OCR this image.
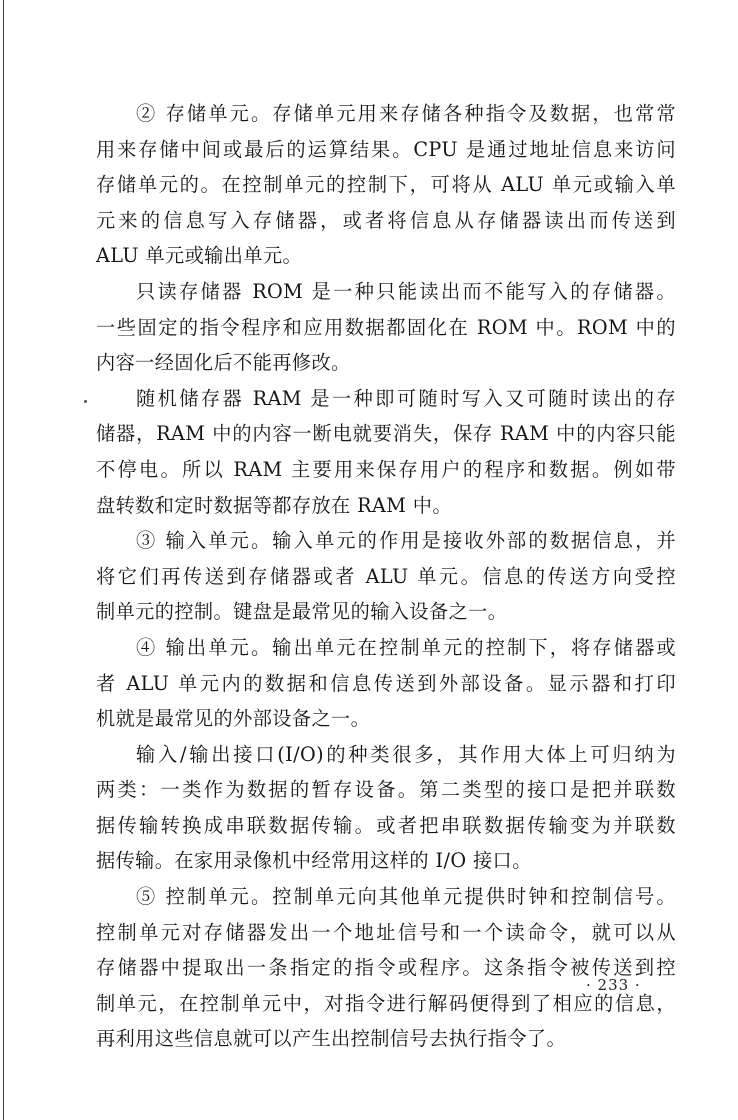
② 存储单元。存储单元用来存储各种指令及数据，也常常
用来存储中间或最后的运算结果。CPU 是通过地址信息来访问
存储单元的。在控制单元的控制下，可将从 ALU 单元或输入单
元来的信息写入存储器，或者将信息从存储器读出而传送到
ALU 单元或输出单元。
只读存储器 ROM 是一种只能读出而不能写入的存储器。
一些固定的指令程序和应用数据都固化在 ROM 中。ROM 中的
内容一经固化后不能再修改。
随机储存器 RAM 是一种即可随时写入又可随时读出的存
储器，RAM 中的内容一断电就要消失，保存 RAM 中的内容只能
不停电。所以 RAM 主要用来保存用户的程序和数据。例如带
盘转数和定时数据等都存放在 RAM 中。
③ 输入单元。输入单元的作用是接收外部的数据信息，并
将它们再传送到存储器或者 ALU 单元。信息的传送方向受控
制单元的控制。键盘是最常见的输入设备之一。
④ 输出单元。输出单元在控制单元的控制下，将存储器或
者 ALU 单元内的数据和信息传送到外部设备。显示器和打印
机就是最常见的外部设备之一。
输入/输出接口(I/O)的种类很多，其作用大体上可归纳为
两类：一类作为数据的暂存设备。第二类型的接口是把并联数
据传输转换成串联数据传输。或者把串联数据传输变为并联数
据传输。在家用录像机中经常用这样的 I/O 接口。
⑤ 控制单元。控制单元向其他单元提供时钟和控制信号。
控制单元对存储器发出一个地址信号和一个读命令，就可以从
存储器中提取出一条指定的指令或程序。这条指令被传送到控
制单元，在控制单元中，对指令进行解码便得到了相应的信息，
再利用这些信息就可以产生出控制信号去执行指令了。
· 233 ·
